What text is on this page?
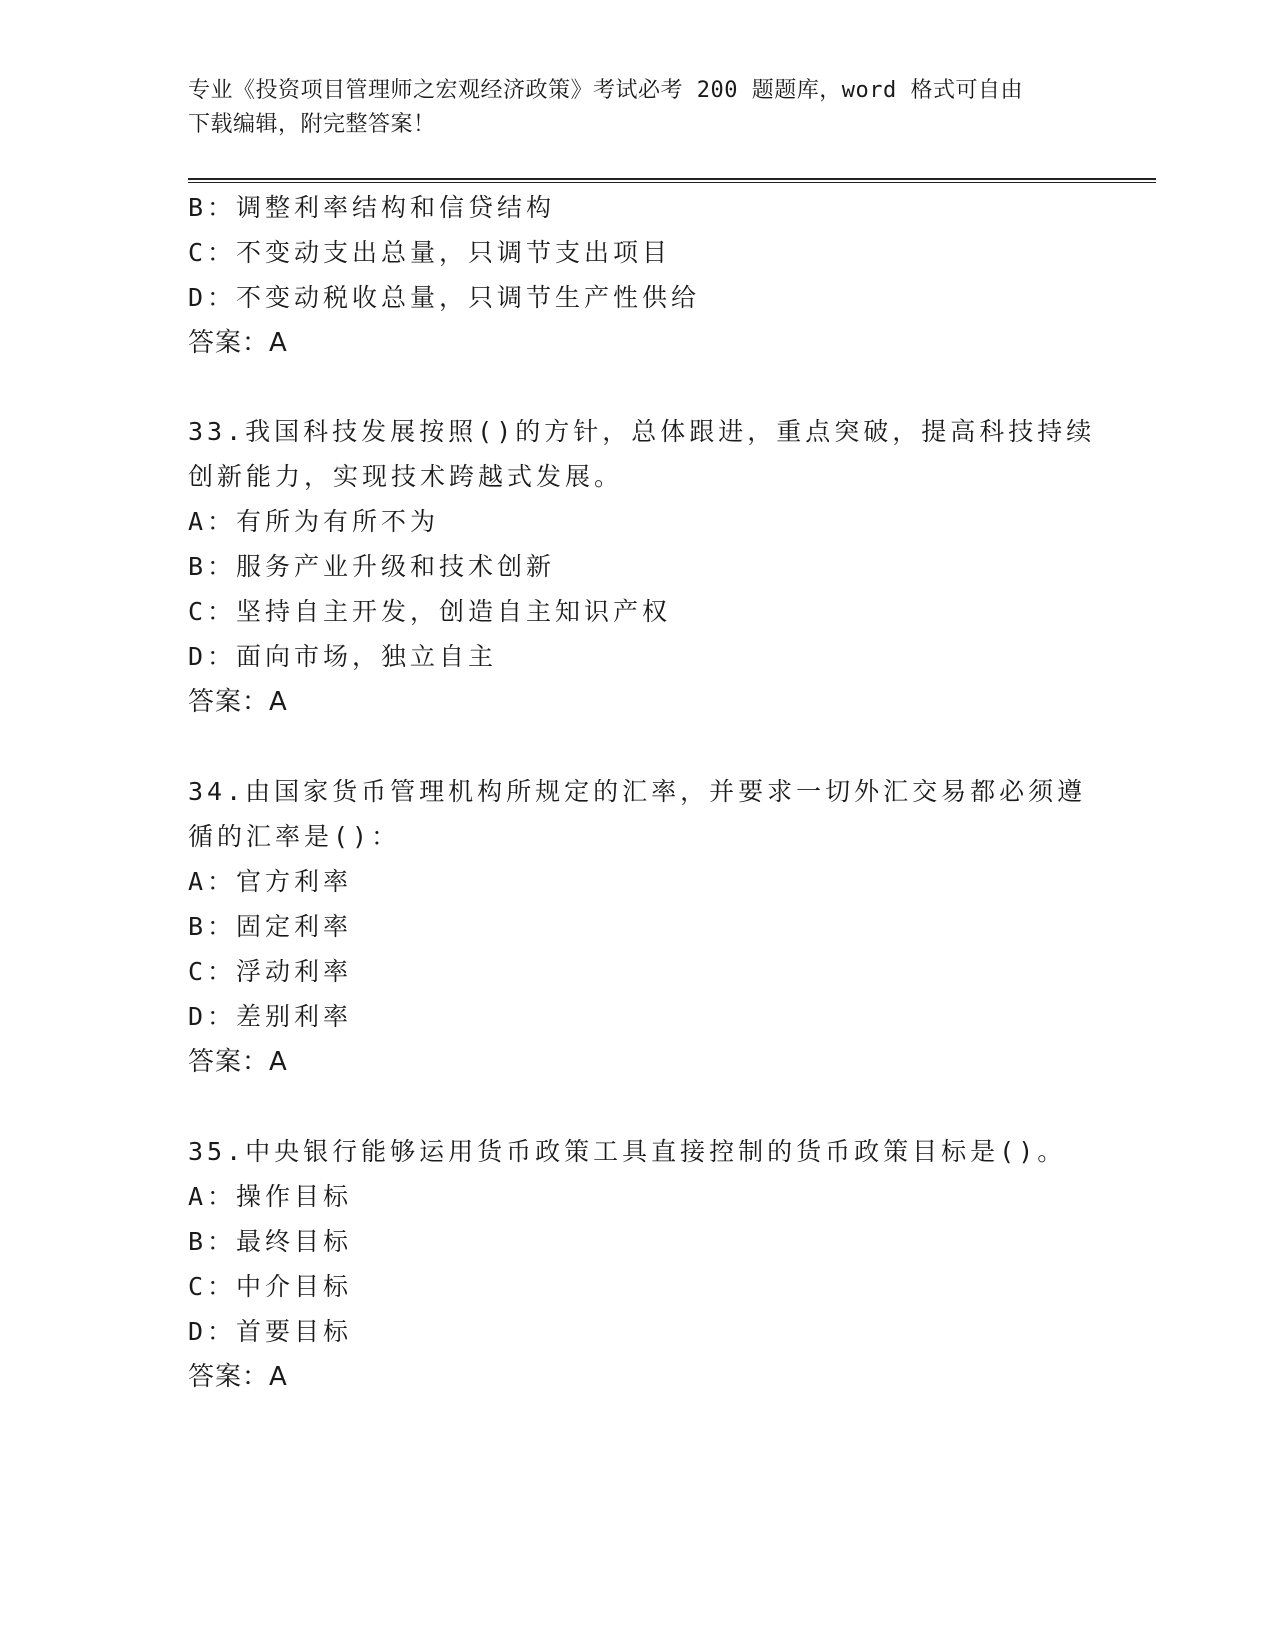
专业《投资项目管理师之宏观经济政策》考试必考 200 题题库，word 格式可自由
下载编辑，附完整答案！
B：调整利率结构和信贷结构
C：不变动支出总量，只调节支出项目
D：不变动税收总量，只调节生产性供给
答案：A
33.我国科技发展按照()的方针，总体跟进，重点突破，提高科技持续
创新能力，实现技术跨越式发展。
A：有所为有所不为
B：服务产业升级和技术创新
C：坚持自主开发，创造自主知识产权
D：面向市场，独立自主
答案：A
34.由国家货币管理机构所规定的汇率，并要求一切外汇交易都必须遵
循的汇率是()：
A：官方利率
B：固定利率
C：浮动利率
D：差别利率
答案：A
35.中央银行能够运用货币政策工具直接控制的货币政策目标是()。
A：操作目标
B：最终目标
C：中介目标
D：首要目标
答案：A
